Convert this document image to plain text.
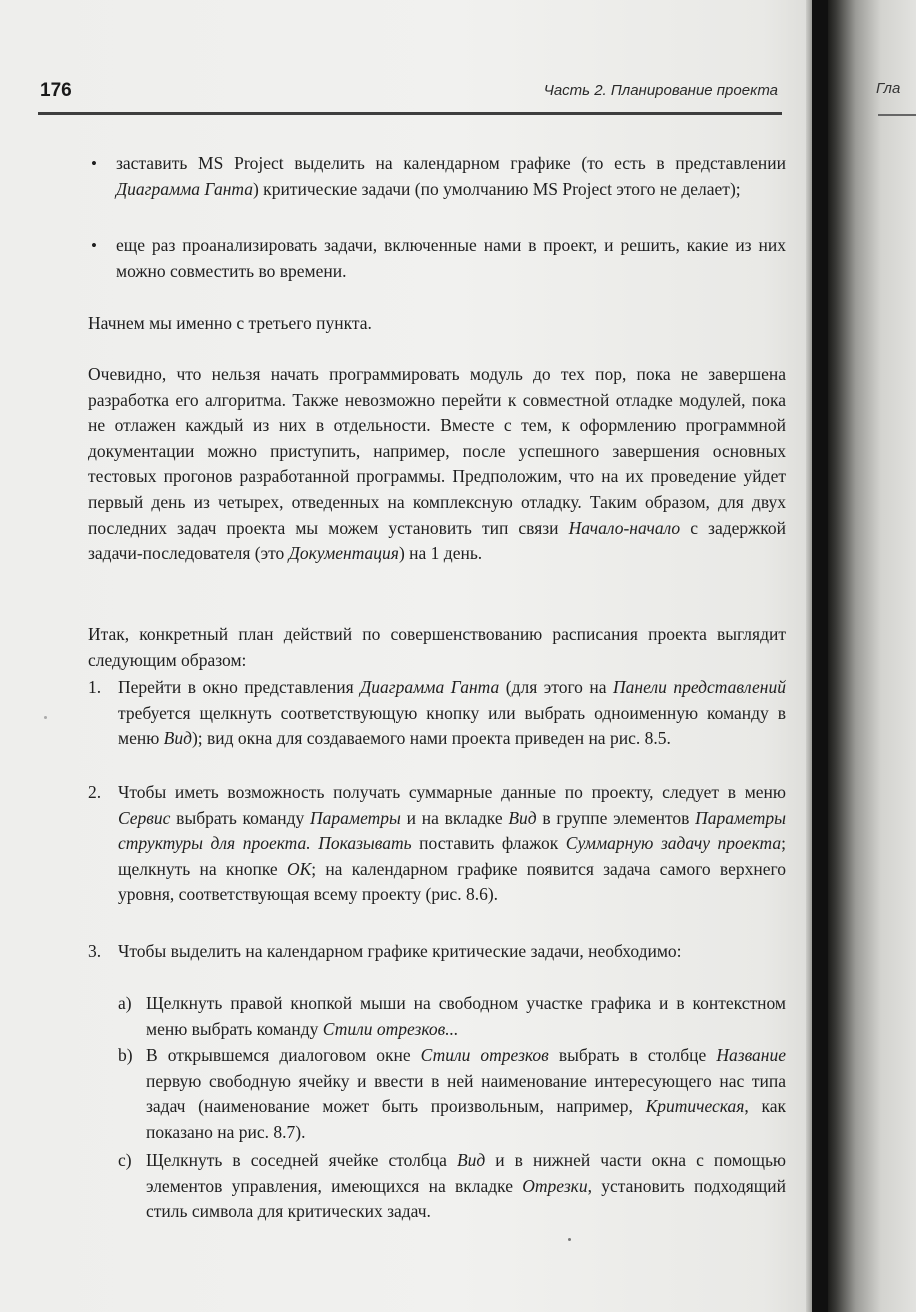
Гла
176	Часть 2. Планирование проекта
• заставить MS Project выделить на календарном графике (то есть в представлении Диаграмма Ганта) критические задачи (по умолчанию MS Project этого не делает);

• еще раз проанализировать задачи, включенные нами в проект, и решить, какие из них можно совместить во времени.

Начнем мы именно с третьего пункта.

Очевидно, что нельзя начать программировать модуль до тех пор, пока не завершена разработка его алгоритма. Также невозможно перейти к совместной отладке модулей, пока не отлажен каждый из них в отдельности. Вместе с тем, к оформлению программной документации можно приступить, например, после успешного завершения основных тестовых прогонов разработанной программы. Предположим, что на их проведение уйдет первый день из четырех, отведенных на комплексную отладку. Таким образом, для двух последних задач проекта мы можем установить тип связи Начало-начало с задержкой задачи-последователя (это Документация) на 1 день.

Итак, конкретный план действий по совершенствованию расписания проекта выглядит следующим образом:

1. Перейти в окно представления Диаграмма Ганта (для этого на Панели представлений требуется щелкнуть соответствующую кнопку или выбрать одноименную команду в меню Вид); вид окна для создаваемого нами проекта приведен на рис. 8.5.

2. Чтобы иметь возможность получать суммарные данные по проекту, следует в меню Сервис выбрать команду Параметры и на вкладке Вид в группе элементов Параметры структуры для проекта. Показывать поставить флажок Суммарную задачу проекта; щелкнуть на кнопке ОК; на календарном графике появится задача самого верхнего уровня, соответствующая всему проекту (рис. 8.6).

3. Чтобы выделить на календарном графике критические задачи, необходимо:

a) Щелкнуть правой кнопкой мыши на свободном участке графика и в контекстном меню выбрать команду Стили отрезков...

b) В открывшемся диалоговом окне Стили отрезков выбрать в столбце Название первую свободную ячейку и ввести в ней наименование интересующего нас типа задач (наименование может быть произвольным, например, Критическая, как показано на рис. 8.7).

c) Щелкнуть в соседней ячейке столбца Вид и в нижней части окна с помощью элементов управления, имеющихся на вкладке Отрезки, установить подходящий стиль символа для критических задач.
